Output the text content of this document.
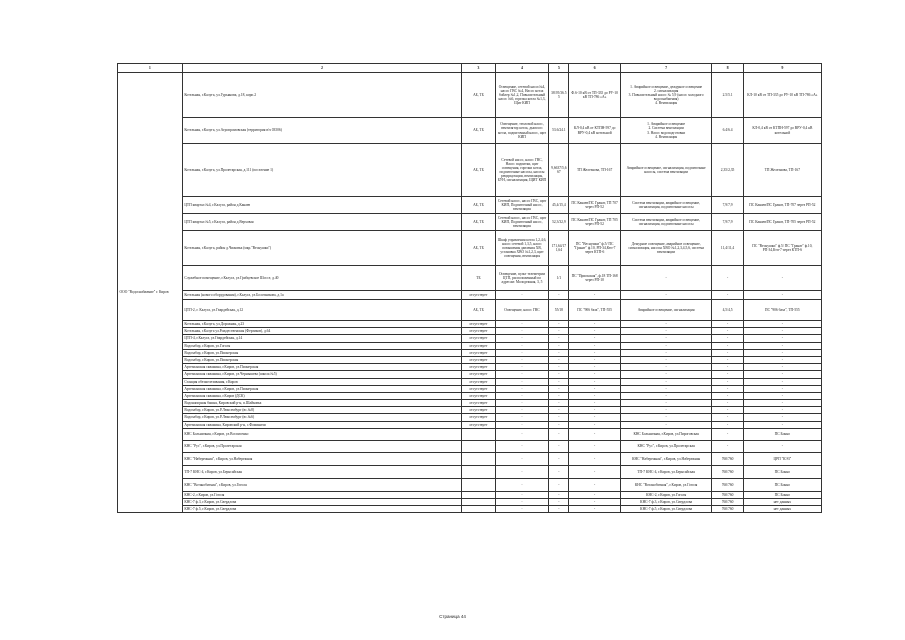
1	2	3	4	5	6	7	8	9
ООО "Водоснабжение" г. Киров	Котельная, г.Калуга, ул.Гурьянова, д.18, корп.2	АБ, ТБ	Освещение, сетевой насос№4, насос ГВС №4, Насос котла бойлер №1,2, Повысительный насос №6, горелка котла №1,3, Щит КИП	38.95/36.55	Ф.6-10 кВ от ТП-335 до РУ-10 кВ ТП-786 «А»	1. Аварийное освещение, дежурное освещение
2. сигнализация
3. Повысительный насос № 5,9 (насос холодного водоснабжения)
4. Вентиляция	2.5/5.1	КЛ-10 кВ от ТП-335 до РУ-10 кВ ТП-786 «А»
	Котельная, г.Калуга, ул.Агропромовская (территория в/ч 03506)	АБ, ТБ	Освещение, тепловой насос, вентилятор котла, дымосос котла, подпиточный насос, щит КИП	53.6/24.1	КЛ-0,4 кВ от КТПН-597 до ВРУ-0,4 кВ котельной	1. Аварийное освещение
2. Система вентиляции
3. Насос водоподготовки
4. Вентиляция	6.4/6.4	КЛ-0,4 кВ от КТПН-597 до ВРУ-0,4 кВ котельной
	Котельная, г.Калуга, ул.Пролетарская, д.111 (поселение 1)	АБ, ТБ	Сетевой насос, насос ГВС, Насос подпитки, щит освещения, горелки котла, подпиточные насосы, насосы рециркуляции, вентиляция, БУН, сигнализация, ЩИТ КИП	9,6637/5,667	ТП Железнова, ТП-167	Аварийное освещение, сигнализация, подпиточные насосы, система вентиляции	2,35/2,35	ТП Железнова, ТП-167
	ЦТП квартал №4, г.Калуга, район д.Канаев	АБ, ТБ	Сетевой насос, насос ГВС, щит КИП, Подпиточный насос, вентиляция	45,4/15,4	ПС Канаев/ПС Гранат, ТП 707 через РП-52	Система вентиляции, аварийное освещение, сигнализация, подпиточные насосы	7,9/7,9	ПС Канаев/ПС Гранат, ТП-707 через РП-52
	ЦТП квартал №5, г.Калуга, район д.Верховая	АБ, ТБ	Сетевой насос, насос ГВС, щит КИП, Подпиточный насос, вентиляция	52,3/32,9	ПС Канаев/ПС Гранат, ТП 705 через РП-52	Система вентиляции, аварийное освещение, сигнализация, подпиточные насосы	7,9/7,9	ПС Канаев/ПС Гранат, ТП-705 через РП-52
	Котельная, г.Калуга, район д.Чижовка (мкр."Веснушки")	АБ, ТБ	Шкаф управления котла 1,2,4,6, насос сетевой 1,3,5, насос повышения давления ХВ, установка ХВО №1,2,3, щит освещения, вентиляция	171,64/171,64	ПС "Веснушки" ф.5/ ПС "Гранат" ф.10, РП-34,Ктп-7 через КТП-6	Дежурное освещение, аварийное освещение, сигнализация, насосы ХВО №1,2,3,4,5,6, система вентиляции	11,4/11,4	ПС "Веснушки" ф.5/ ПС "Гранат" ф.10, РП-34,Ктп-7 через КТП-6
	Служебное помещение, г.Калуга, ул.Грабцевское Шоссе, д.40	ТБ	Освещение, пульт телеметрии ЦТП, расположенный по адресам: Молодежная, 3, 5	1/1	ПС "Приокская", ф.18 ТП-168 через РП-10	-	-	-
	Котельная (нового оборудования), г.Калуга, ул.Болотникова, д.1а	отсутствует	-	-	-	-	-	-
	ЦТП-2, г. Калуга, ул.Гвардейская, д.12	АБ, ТБ	Освещение, насос ГВС	55/18	ПС "906 база", ТП-555	Аварийное освещение, сигнализация	4,5/4,5	ПС "906 база", ТП-555
	Котельная, г.Калуга, ул.Дорожная, д.23	отсутствует	-	-	-	-	-	-
	Котельная, г.Калуга ул.Рождественская (Ферзиков), д.64	отсутствует	-	-	-	-	-	-
	ЦТП-4, г.Калуга, ул.Гвардейская, д.14	отсутствует	-	-	-	-	-	-
	Водозабор, г.Киров, ул.Гоголя	отсутствует	-	-	-	-	-	-
	Водозабор, г.Киров, ул.Пионерская	отсутствует	-	-	-	-	-	-
	Водозабор, г.Киров, ул.Пионерская	отсутствует	-	-	-	-	-	-
	Артезианская скважина, г.Киров, ул.Пионерская	отсутствует	-	-	-	-	-	-
	Артезианская скважина, г.Киров, ул.Чернышева (школа №5)	отсутствует	-	-	-	-	-	-
	Станция обезжелезивания, г.Киров	отсутствует	-	-	-	-	-	-
	Артезианская скважина, г.Киров, ул.Пионерская	отсутствует	-	-	-	-	-	-
	Артезианская скважина, г.Киров (ДСК)	отсутствует	-	-	-	-	-	-
	Водонапорная башня, Кировский р-н, п.Шайковка	отсутствует	-	-	-	-	-	-
	Водозабор, г.Киров, ул.Р.Люксембург (вс.№8)	отсутствует	-	-	-	-	-	-
	Водозабор, г.Киров, ул.Р.Люксембург (вс.№6)	отсутствует	-	-	-	-	-	-
	Артезианская скважина, Кировский р-н, с.Фоминичи	отсутствует	-	-	-	-	-	-
	КНС Больничная, г.Киров, ул.Восписенко		-	-	-	КНС Больничная, г.Киров, ул.Пироговская	-	ПС Бонно
	КНС "Рус", г.Киров, ул.Пролетарская		-	-	-	КНС "Рус", г.Киров, ул.Пролетарская	-	-
	КНС "Набережная", г.Киров, ул.Набережная		-	-	-	КНС "Набережная", г.Киров, ул.Набережная	760/760	ЦРП "КЭЗ"
	ТП-7 КНС-4, г.Киров, ул.Бернсайская		-	-	-	ТП-7 КНС-4, г.Киров, ул.Бернсайская	760/760	ПС Бонно
	КНС "Вотанобитная", г.Киров, ул.Гоголя		-	-	-	КНС "Вотанобитная", г.Киров, ул.Гоголя	760/760	ПС Бонно
	КНС-2, г.Киров, ул.Гоголя		-	-	-	КНС-2, г.Киров, ул.Гоголя	760/760	ПС Бонно
	КНС-7 ф.3, г.Киров, ул.Свердлова		-	-	-	КНС-7 ф.3, г.Киров, ул.Свердлова	760/760	нет данных
	КНС-7 ф.5, г.Киров, ул.Свердлова		-	-	-	КНС-7 ф.5, г.Киров, ул.Свердлова	760/760	нет данных
Страница 44
